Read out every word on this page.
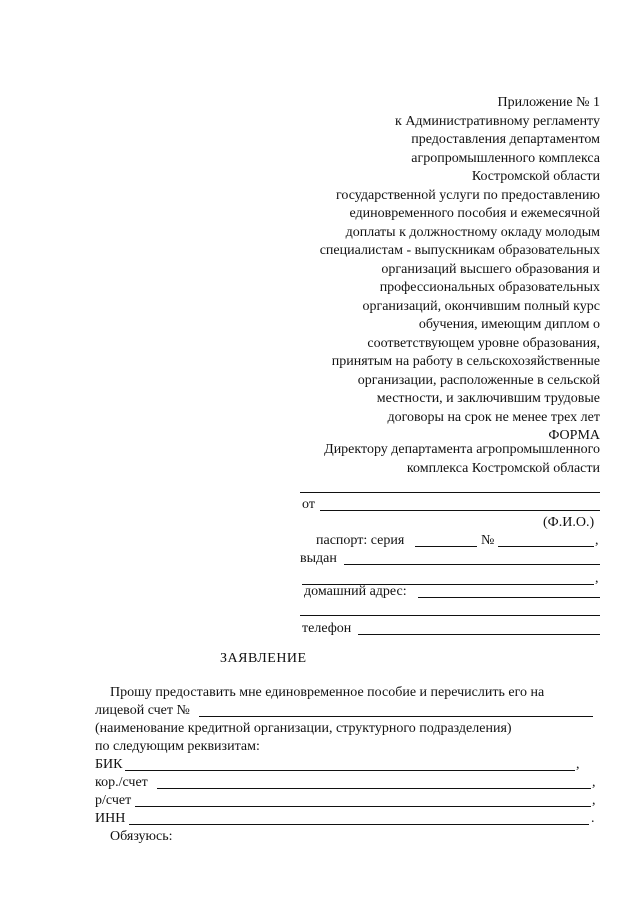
Приложение № 1
к Административному регламенту
предоставления департаментом
агропромышленного комплекса
Костромской области
государственной услуги по предоставлению
единовременного пособия и ежемесячной
доплаты к должностному окладу молодым
специалистам - выпускникам образовательных
организаций высшего образования и
профессиональных образовательных
организаций, окончившим полный курс
обучения, имеющим диплом о
соответствующем уровне образования,
принятым на работу в сельскохозяйственные
организации, расположенные в сельской
местности, и заключившим трудовые
договоры на срок не менее трех лет
ФОРМА
Директору департамента агропромышленного
комплекса Костромской области
от
(Ф.И.О.)
паспорт: серия	№	,
выдан
,
домашний адрес:
телефон
ЗАЯВЛЕНИЕ
Прошу предоставить мне единовременное пособие и перечислить его на
лицевой счет №
(наименование кредитной организации, структурного подразделения)
по следующим реквизитам:
БИК	,
кор./счет	,
р/счет	,
ИНН	.
Обязуюсь:
